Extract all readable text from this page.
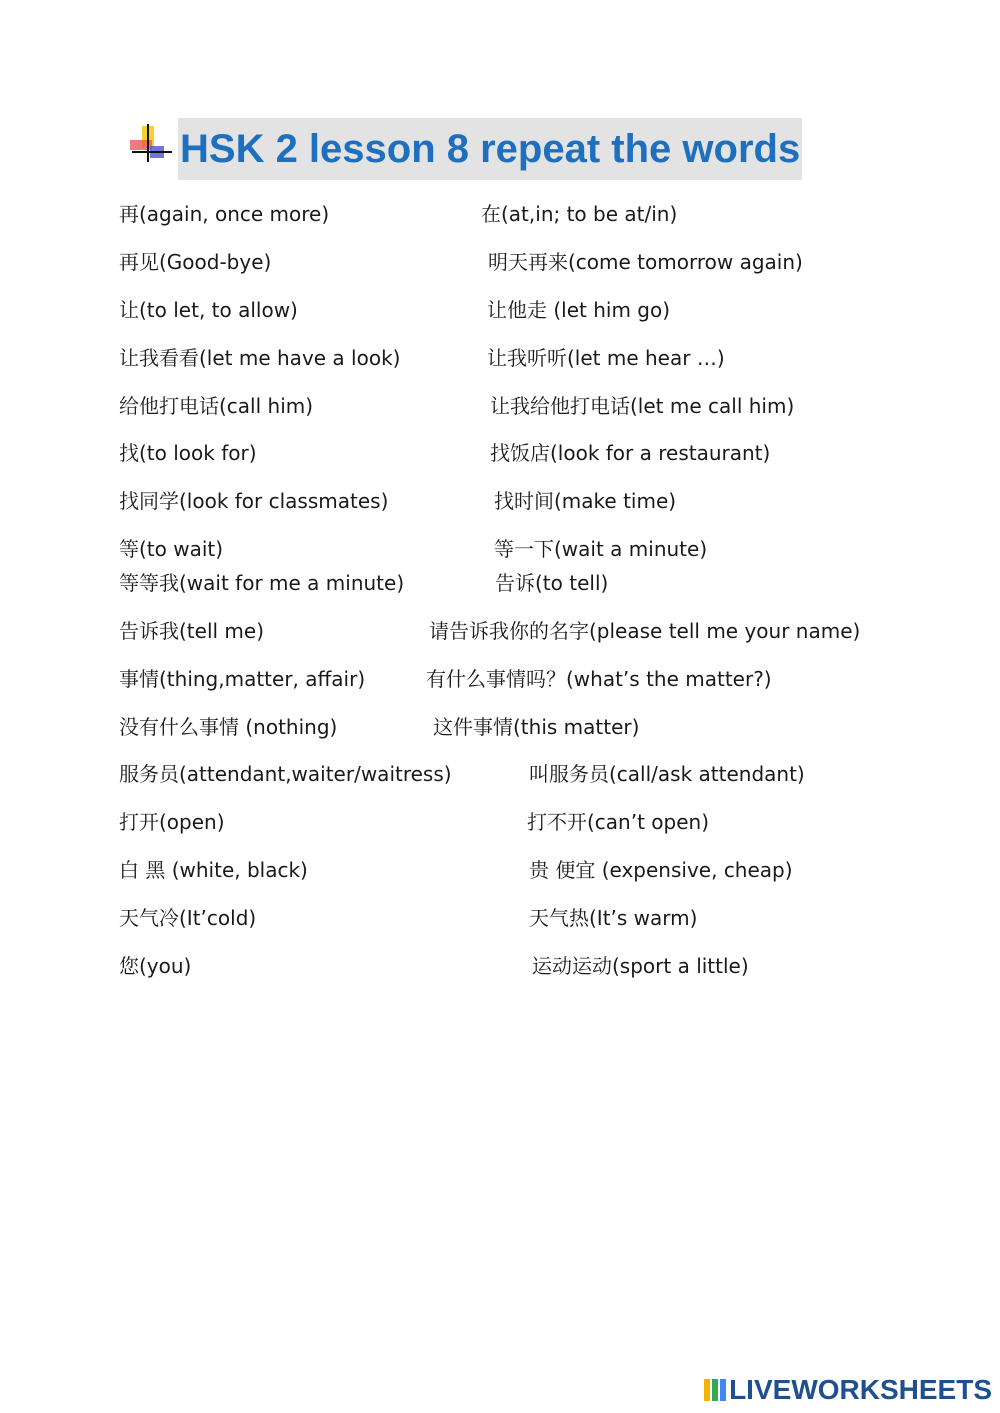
HSK 2 lesson 8 repeat the words
再(again, once more)	在(at,in; to be at/in)
再见(Good-bye)	明天再来(come tomorrow again)
让(to let, to allow)	让他走 (let him go)
让我看看(let me have a look)	让我听听(let me hear …)
给他打电话(call him)	让我给他打电话(let me call him)
找(to look for)	找饭店(look for a restaurant)
找同学(look for classmates)	找时间(make time)
等(to wait)	等一下(wait a minute)
等等我(wait for me a minute)	告诉(to tell)
告诉我(tell me)	请告诉我你的名字(please tell me your name)
事情(thing,matter, affair)	有什么事情吗？(what’s the matter?)
没有什么事情 (nothing)	这件事情(this matter)
服务员(attendant,waiter/waitress)	叫服务员(call/ask attendant)
打开(open)	打不开(can’t open)
白 黑 (white, black)	贵 便宜 (expensive, cheap)
天气冷(It’cold)	天气热(It’s warm)
您(you)	运动运动(sport a little)
LIVEWORKSHEETS
